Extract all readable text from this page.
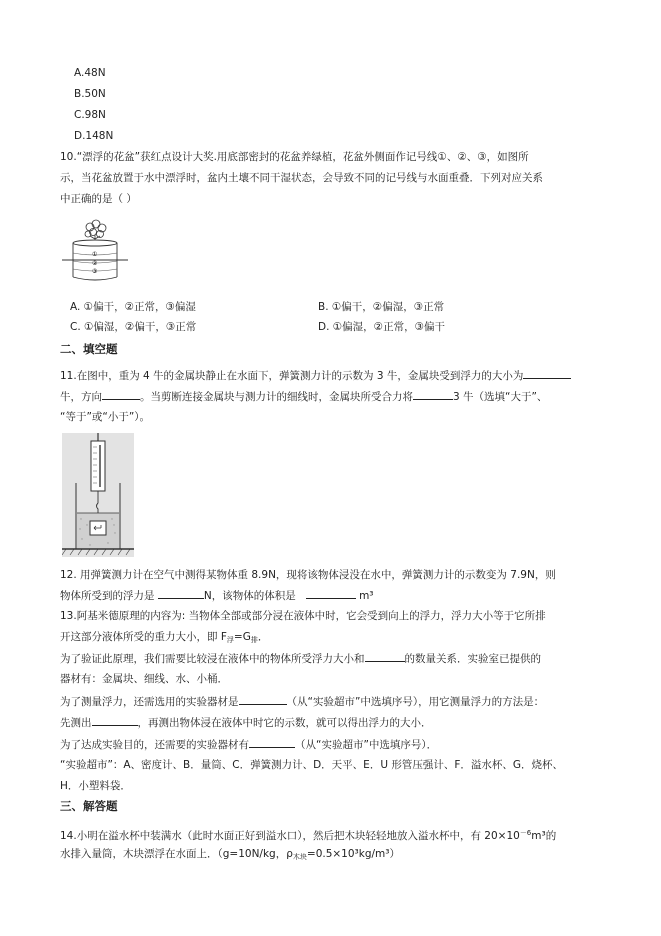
A.48N
B.50N
C.98N
D.148N
10.“漂浮的花盆”获红点设计大奖.用底部密封的花盆养绿植，花盆外侧面作记号线①、②、③，如图所
示，当花盆放置于水中漂浮时，盆内土壤不同干湿状态，会导致不同的记号线与水面重叠．下列对应关系
中正确的是（ ）
①
②
③
A. ①偏干，②正常，③偏湿	B. ①偏干，②偏湿，③正常
C. ①偏湿，②偏干，③正常	D. ①偏湿，②正常，③偏干
二、填空题
11.在图中，重为 4 牛的金属块静止在水面下，弹簧测力计的示数为 3 牛，金属块受到浮力的大小为
牛，方向	。当剪断连接金属块与测力计的细线时，金属块所受合力将	3 牛（选填“大于”、
“等于”或“小于”）。
12. 用弹簧测力计在空气中测得某物体重 8.9N，现将该物体浸没在水中，弹簧测力计的示数变为 7.9N，则
物体所受到的浮力是	N，该物体的体积是	m³
13.阿基米德原理的内容为: 当物体全部或部分浸在液体中时，它会受到向上的浮力，浮力大小等于它所排
开这部分液体所受的重力大小，即 $F_浮=G_排$．
为了验证此原理，我们需要比较浸在液体中的物体所受浮力大小和	的数量关系．实验室已提供的
器材有：金属块、细线、水、小桶．
为了测量浮力，还需选用的实验器材是	（从“实验超市”中选填序号），用它测量浮力的方法是：
先测出	，再测出物体浸在液体中时它的示数，就可以得出浮力的大小．
为了达成实验目的，还需要的实验器材有	（从“实验超市”中选填序号）．
“实验超市”：A、密度计、B．量筒、C．弹簧测力计、D．天平、E．U 形管压强计、F．溢水杯、G．烧杯、
H．小塑料袋．
三、解答题
14.小明在溢水杯中装满水（此时水面正好到溢水口），然后把木块轻轻地放入溢水杯中，有 $20\times 10^{-6}m^3$的
水排入量筒，木块漂浮在水面上．（g=10N/kg，$\rho_{木块}=0.5\times 10^3kg/m^3$）
